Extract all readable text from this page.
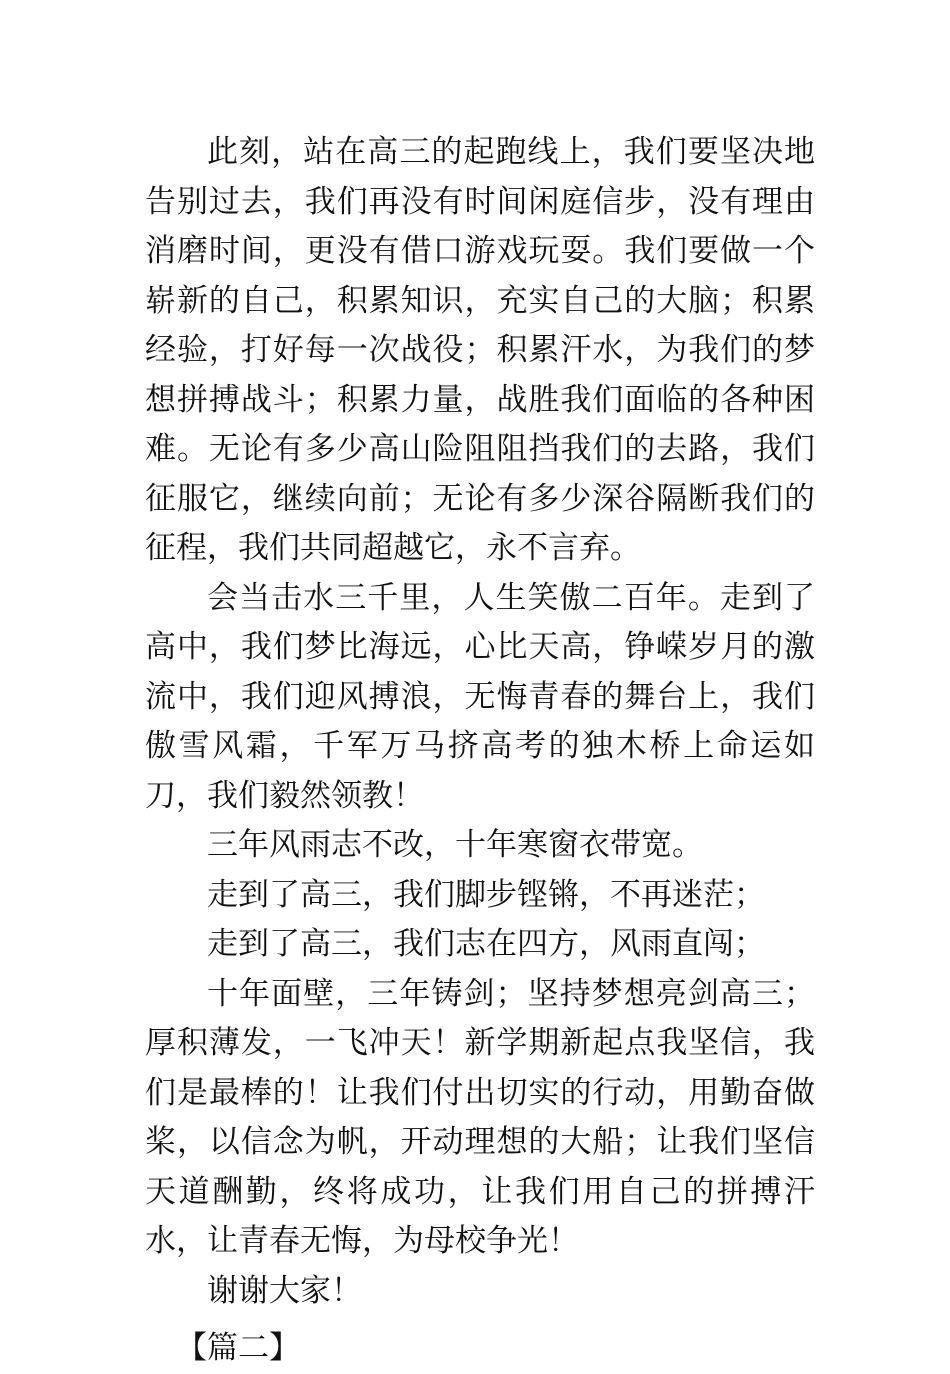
此刻，站在高三的起跑线上，我们要坚决地告别过去，我们再没有时间闲庭信步，没有理由消磨时间，更没有借口游戏玩耍。我们要做一个崭新的自己，积累知识，充实自己的大脑；积累经验，打好每一次战役；积累汗水，为我们的梦想拼搏战斗；积累力量，战胜我们面临的各种困难。无论有多少高山险阻阻挡我们的去路，我们征服它，继续向前；无论有多少深谷隔断我们的征程，我们共同超越它，永不言弃。

会当击水三千里，人生笑傲二百年。走到了高中，我们梦比海远，心比天高，铮嵘岁月的激流中，我们迎风搏浪，无悔青春的舞台上，我们傲雪风霜，千军万马挤高考的独木桥上命运如刀，我们毅然领教！

三年风雨志不改，十年寒窗衣带宽。

走到了高三，我们脚步铿锵，不再迷茫；

走到了高三，我们志在四方，风雨直闯；

十年面壁，三年铸剑；坚持梦想亮剑高三；厚积薄发，一飞冲天！新学期新起点我坚信，我们是最棒的！让我们付出切实的行动，用勤奋做桨，以信念为帆，开动理想的大船；让我们坚信天道酬勤，终将成功，让我们用自己的拼搏汗水，让青春无悔，为母校争光！

谢谢大家！

【篇二】
